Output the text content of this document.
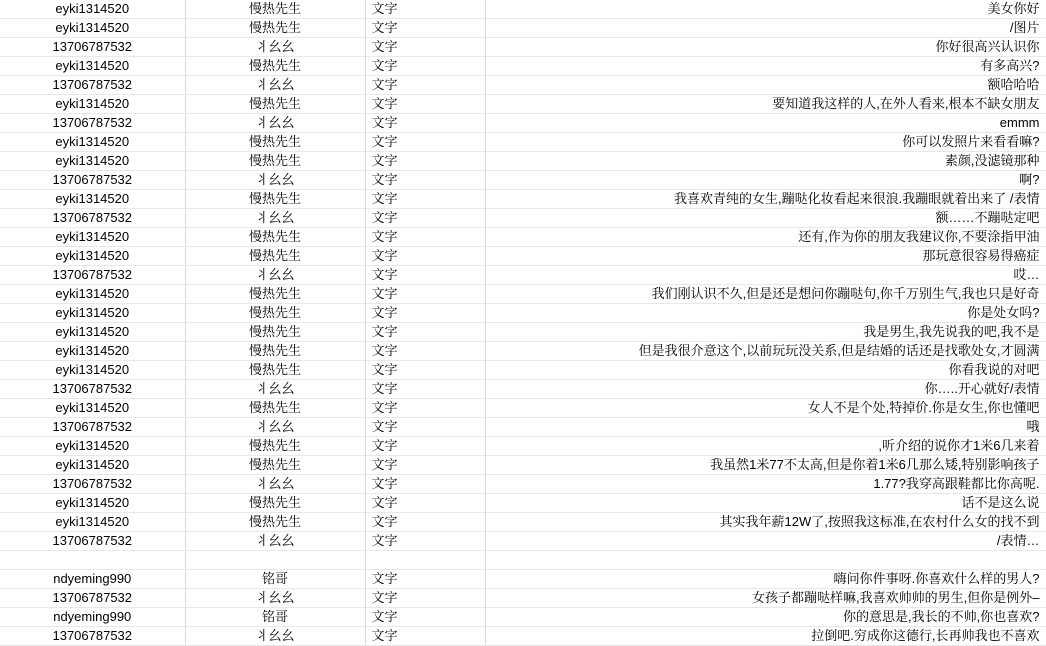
eyki1314520	慢热先生	文字	美女你好
eyki1314520	慢热先生	文字	/图片
13706787532	丬幺幺	文字	你好很高兴认识你
eyki1314520	慢热先生	文字	有多高兴?
13706787532	丬幺幺	文字	额哈哈哈
eyki1314520	慢热先生	文字	要知道我这样的人,在外人看来,根本不缺女朋友
13706787532	丬幺幺	文字	emmm
eyki1314520	慢热先生	文字	你可以发照片来看看嘛?
eyki1314520	慢热先生	文字	素颜,没滤镜那种
13706787532	丬幺幺	文字	啊?
eyki1314520	慢热先生	文字	我喜欢青纯的女生,蹦哒化妆看起来很浪.我蹦眼就着出来了 /表情
13706787532	丬幺幺	文字	额……不蹦哒定吧
eyki1314520	慢热先生	文字	还有,作为你的朋友我建议你,不要涂指甲油
eyki1314520	慢热先生	文字	那玩意很容易得癌症
13706787532	丬幺幺	文字	哎…
eyki1314520	慢热先生	文字	我们刚认识不久,但是还是想问你蹦哒句,你千万别生气,我也只是好奇
eyki1314520	慢热先生	文字	你是处女吗?
eyki1314520	慢热先生	文字	我是男生,我先说我的吧,我不是
eyki1314520	慢热先生	文字	但是我很介意这个,以前玩玩没关系,但是结婚的话还是找歌处女,才圆满
eyki1314520	慢热先生	文字	你看我说的对吧
13706787532	丬幺幺	文字	你…..开心就好/表情
eyki1314520	慢热先生	文字	女人不是个处,特掉价.你是女生,你也懂吧
13706787532	丬幺幺	文字	哦
eyki1314520	慢热先生	文字	,听介绍的说你才1米6几来着
eyki1314520	慢热先生	文字	我虽然1米77不太高,但是你着1米6几那么矮,特别影响孩子
13706787532	丬幺幺	文字	1.77?我穿高跟鞋都比你高呢.
eyki1314520	慢热先生	文字	话不是这么说
eyki1314520	慢热先生	文字	其实我年薪12W了,按照我这标准,在农村什么女的找不到
13706787532	丬幺幺	文字	/表情…

ndyeming990	铭哥	文字	嗨问你件事呀.你喜欢什么样的男人?
13706787532	丬幺幺	文字	女孩子都蹦哒样嘛,我喜欢帅帅的男生,但你是例外–
ndyeming990	铭哥	文字	你的意思是,我长的不帅,你也喜欢?
13706787532	丬幺幺	文字	拉倒吧.穷成你这德行,长再帅我也不喜欢
